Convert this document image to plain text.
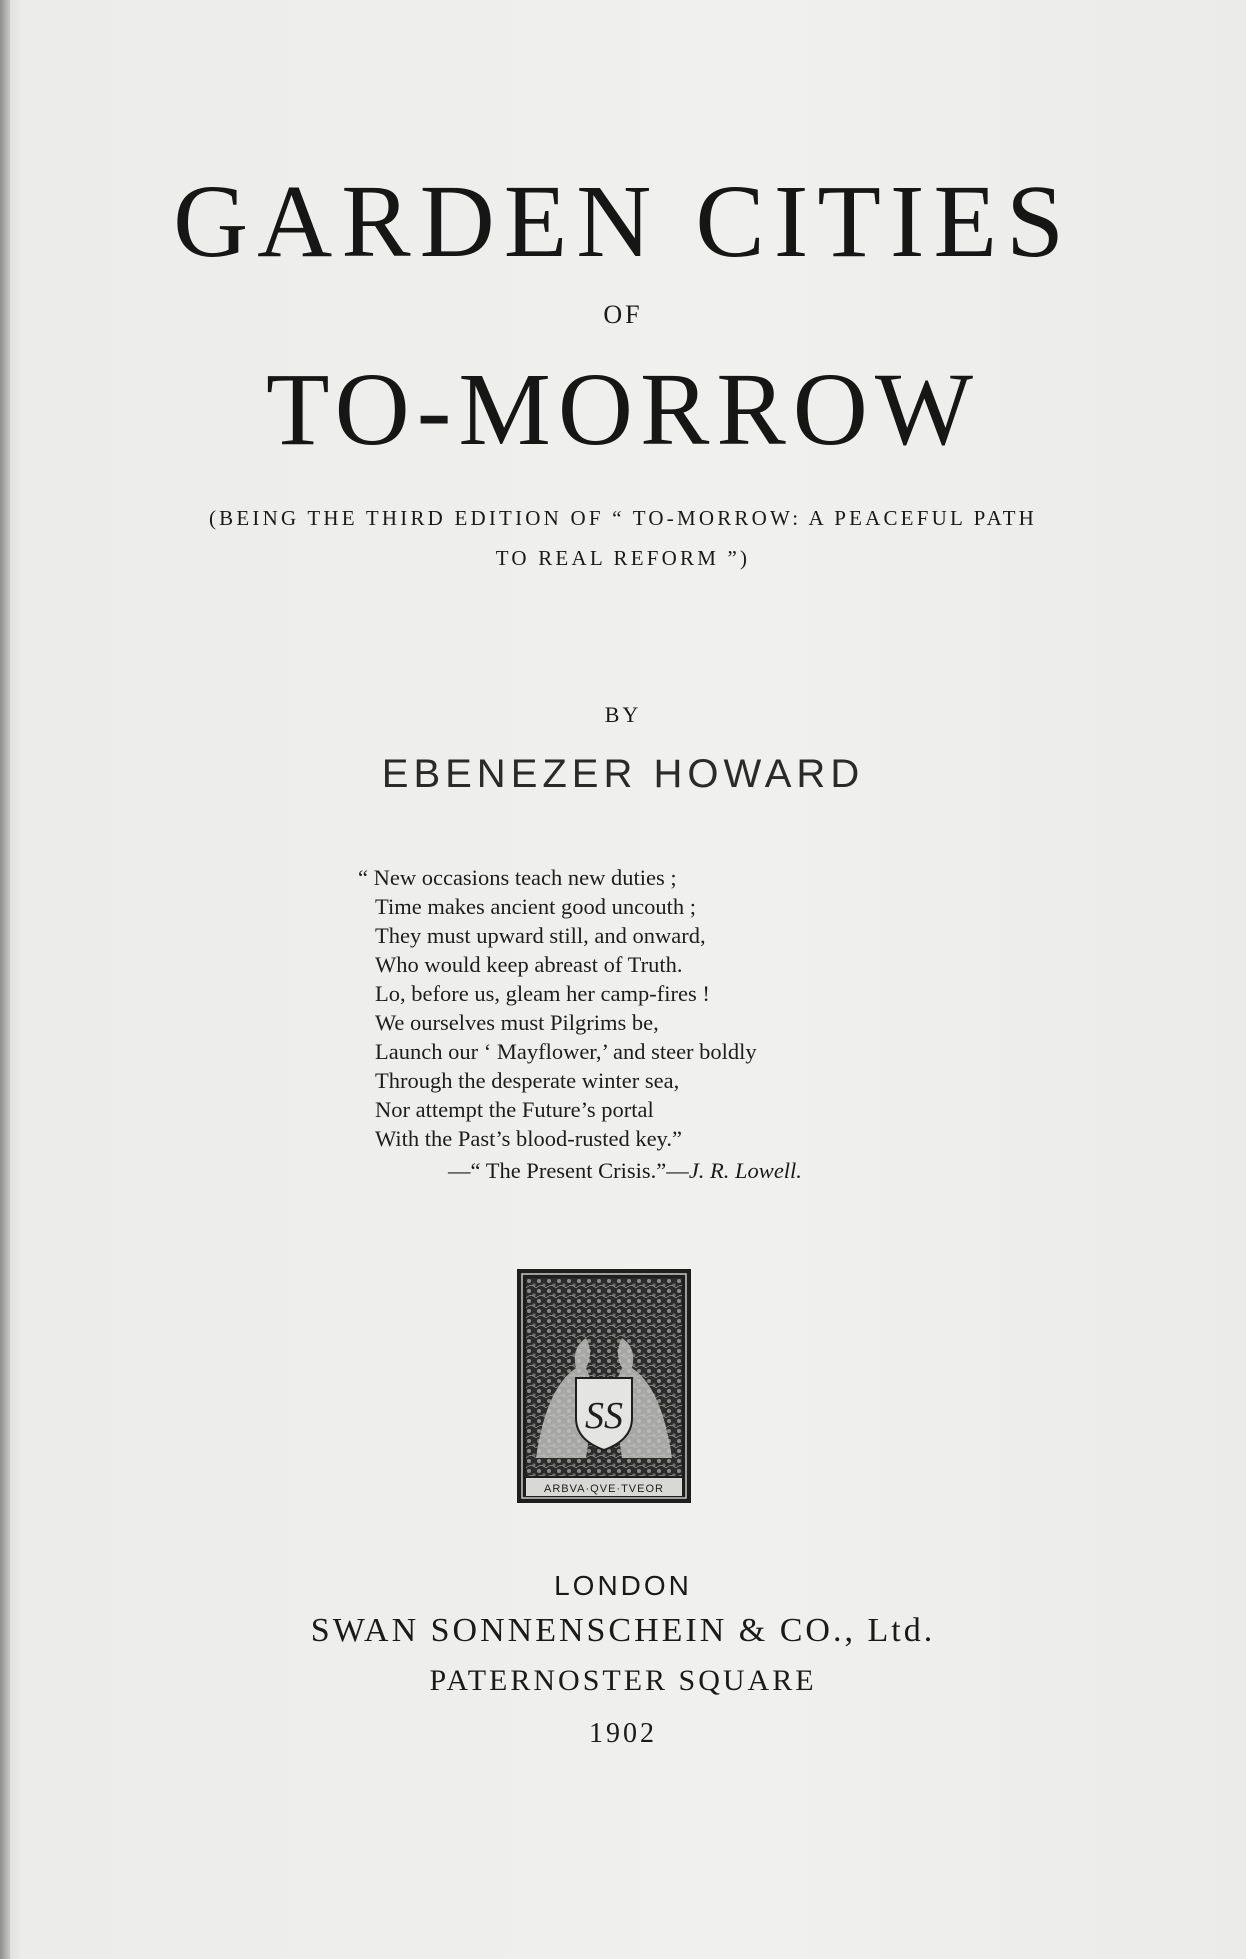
GARDEN CITIES
OF
TO-MORROW
(BEING THE THIRD EDITION OF “ TO-MORROW: A PEACEFUL PATH
TO REAL REFORM ”)
BY
EBENEZER HOWARD
“ New occasions teach new duties ;
Time makes ancient good uncouth ;
They must upward still, and onward,
Who would keep abreast of Truth.
Lo, before us, gleam her camp-fires !
We ourselves must Pilgrims be,
Launch our ‘ Mayflower,’ and steer boldly
Through the desperate winter sea,
Nor attempt the Future’s portal
With the Past’s blood-rusted key.”
—“ The Present Crisis.”—J. R. Lowell.
SS
ARBVA·QVE·TVEOR
LONDON
SWAN SONNENSCHEIN & CO., Ltd.
PATERNOSTER SQUARE
1902
